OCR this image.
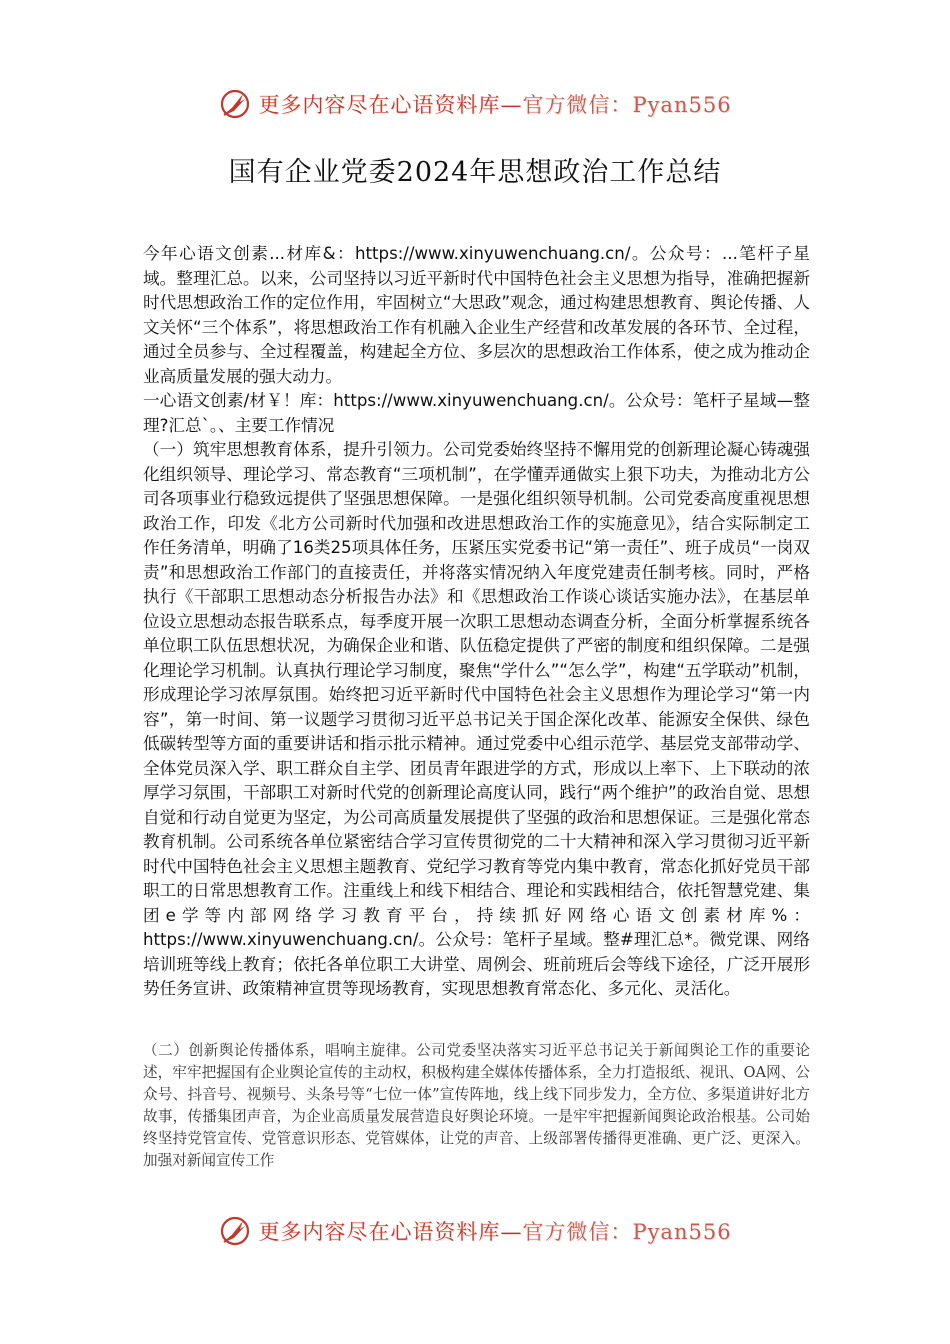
更多内容尽在心语资料库—官方微信：Pyan556
国有企业党委2024年思想政治工作总结

今年心语文创素...材库&：https://www.xinyuwenchuang.cn/。公众号：...笔杆子星域。整理汇总。以来，公司坚持以习近平新时代中国特色社会主义思想为指导，准确把握新时代思想政治工作的定位作用，牢固树立“大思政”观念，通过构建思想教育、舆论传播、人文关怀“三个体系”，将思想政治工作有机融入企业生产经营和改革发展的各环节、全过程，通过全员参与、全过程覆盖，构建起全方位、多层次的思想政治工作体系，使之成为推动企业高质量发展的强大动力。

一心语文创素/材￥！库：https://www.xinyuwenchuang.cn/。公众号：笔杆子星域—整理?汇总`。、主要工作情况

（一）筑牢思想教育体系，提升引领力。公司党委始终坚持不懈用党的创新理论凝心铸魂强化组织领导、理论学习、常态教育“三项机制”，在学懂弄通做实上狠下功夫，为推动北方公司各项事业行稳致远提供了坚强思想保障。一是强化组织领导机制。公司党委高度重视思想政治工作，印发《北方公司新时代加强和改进思想政治工作的实施意见》，结合实际制定工作任务清单，明确了16类25项具体任务，压紧压实党委书记“第一责任”、班子成员“一岗双责”和思想政治工作部门的直接责任，并将落实情况纳入年度党建责任制考核。同时，严格执行《干部职工思想动态分析报告办法》和《思想政治工作谈心谈话实施办法》，在基层单位设立思想动态报告联系点，每季度开展一次职工思想动态调查分析，全面分析掌握系统各单位职工队伍思想状况，为确保企业和谐、队伍稳定提供了严密的制度和组织保障。二是强化理论学习机制。认真执行理论学习制度，聚焦“学什么”“怎么学”，构建“五学联动”机制，形成理论学习浓厚氛围。始终把习近平新时代中国特色社会主义思想作为理论学习“第一内容”，第一时间、第一议题学习贯彻习近平总书记关于国企深化改革、能源安全保供、绿色低碳转型等方面的重要讲话和指示批示精神。通过党委中心组示范学、基层党支部带动学、全体党员深入学、职工群众自主学、团员青年跟进学的方式，形成以上率下、上下联动的浓厚学习氛围，干部职工对新时代党的创新理论高度认同，践行“两个维护”的政治自觉、思想自觉和行动自觉更为坚定，为公司高质量发展提供了坚强的政治和思想保证。三是强化常态教育机制。公司系统各单位紧密结合学习宣传贯彻党的二十大精神和深入学习贯彻习近平新时代中国特色社会主义思想主题教育、党纪学习教育等党内集中教育，常态化抓好党员干部职工的日常思想教育工作。注重线上和线下相结合、理论和实践相结合，依托智慧党建、集团e学等内部网络学习教育平台，持续抓好网络心语文创素材库%：https://www.xinyuwenchuang.cn/。公众号：笔杆子星域。整#理汇总*。微党课、网络培训班等线上教育；依托各单位职工大讲堂、周例会、班前班后会等线下途径，广泛开展形势任务宣讲、政策精神宣贯等现场教育，实现思想教育常态化、多元化、灵活化。

（二）创新舆论传播体系，唱响主旋律。公司党委坚决落实习近平总书记关于新闻舆论工作的重要论述，牢牢把握国有企业舆论宣传的主动权，积极构建全媒体传播体系，全力打造报纸、视讯、OA网、公众号、抖音号、视频号、头条号等“七位一体”宣传阵地，线上线下同步发力，全方位、多渠道讲好北方故事，传播集团声音，为企业高质量发展营造良好舆论环境。一是牢牢把握新闻舆论政治根基。公司始终坚持党管宣传、党管意识形态、党管媒体，让党的声音、上级部署传播得更准确、更广泛、更深入。加强对新闻宣传工作

更多内容尽在心语资料库—官方微信：Pyan556
